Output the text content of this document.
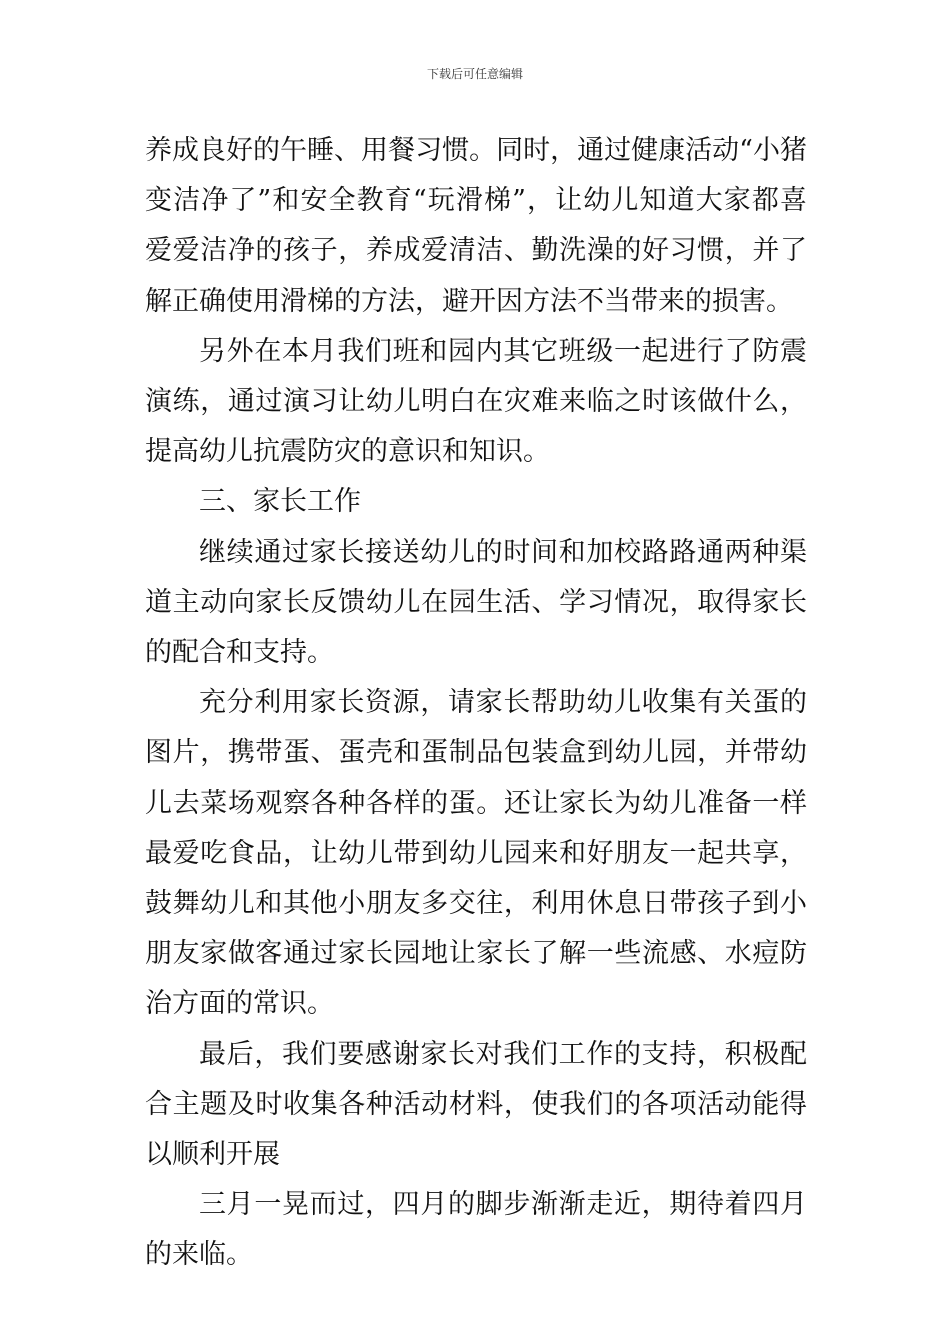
下载后可任意编辑

养成良好的午睡、用餐习惯。同时，通过健康活动“小猪变洁净了”和安全教育“玩滑梯”，让幼儿知道大家都喜爱爱洁净的孩子，养成爱清洁、勤洗澡的好习惯，并了解正确使用滑梯的方法，避开因方法不当带来的损害。

另外在本月我们班和园内其它班级一起进行了防震演练，通过演习让幼儿明白在灾难来临之时该做什么，提高幼儿抗震防灾的意识和知识。

三、家长工作

继续通过家长接送幼儿的时间和加校路路通两种渠道主动向家长反馈幼儿在园生活、学习情况，取得家长的配合和支持。

充分利用家长资源，请家长帮助幼儿收集有关蛋的图片，携带蛋、蛋壳和蛋制品包装盒到幼儿园，并带幼儿去菜场观察各种各样的蛋。还让家长为幼儿准备一样最爱吃食品，让幼儿带到幼儿园来和好朋友一起共享，鼓舞幼儿和其他小朋友多交往，利用休息日带孩子到小朋友家做客通过家长园地让家长了解一些流感、水痘防治方面的常识。

最后，我们要感谢家长对我们工作的支持，积极配合主题及时收集各种活动材料，使我们的各项活动能得以顺利开展

三月一晃而过，四月的脚步渐渐走近，期待着四月的来临。
